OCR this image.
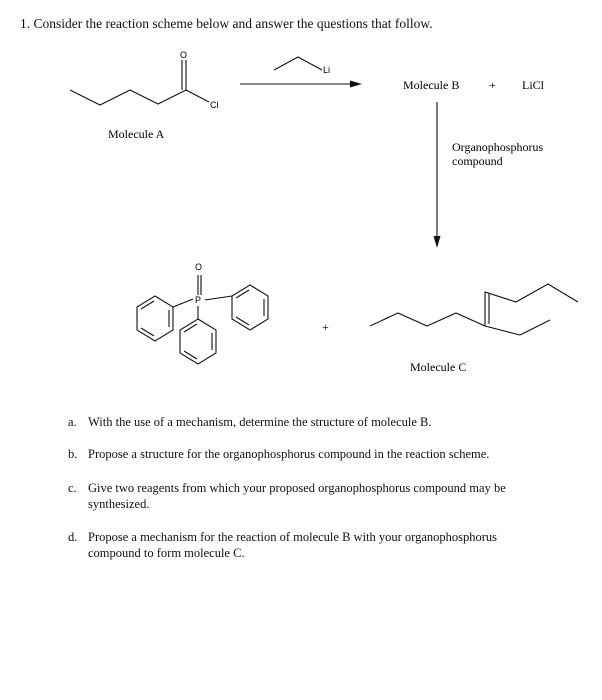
1. Consider the reaction scheme below and answer the questions that follow.
O
Cl
Molecule A
Li
Molecule B + LiCl
Organophosphorus
compound
O
P
+
Molecule C
a. With the use of a mechanism, determine the structure of molecule B.
b. Propose a structure for the organophosphorus compound in the reaction scheme.
c. Give two reagents from which your proposed organophosphorus compound may be synthesized.
d. Propose a mechanism for the reaction of molecule B with your organophosphorus compound to form molecule C.
